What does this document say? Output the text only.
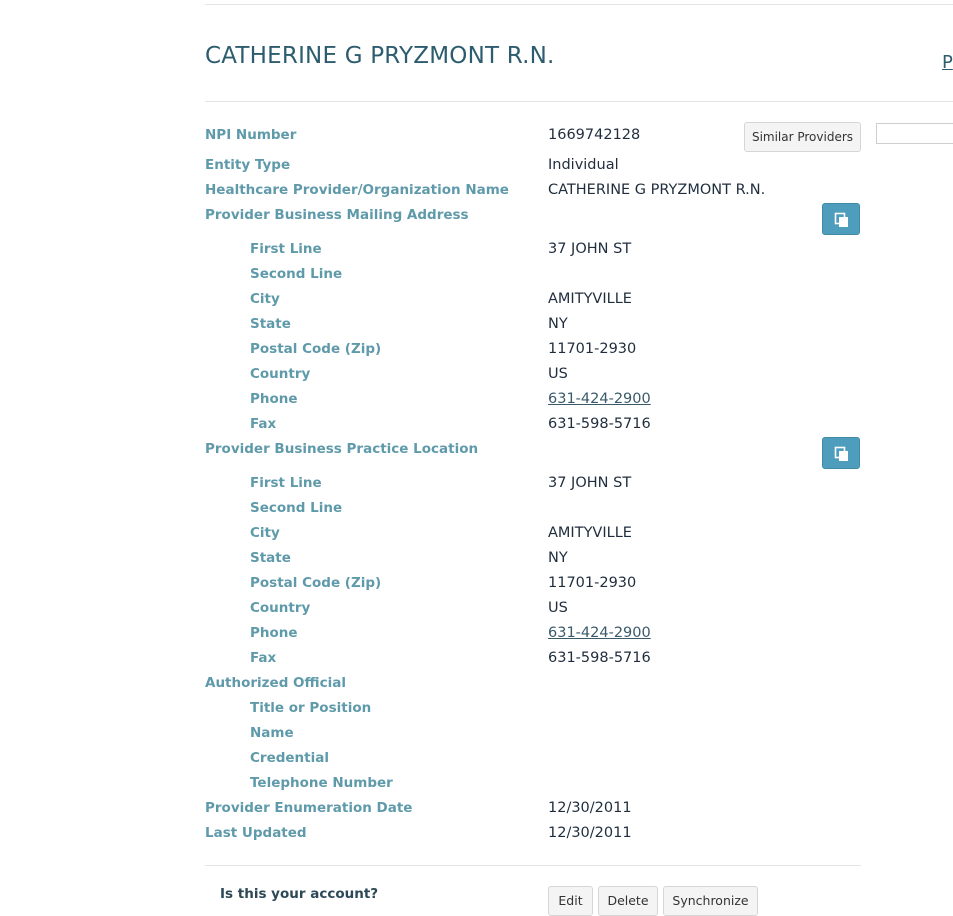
CATHERINE G PRYZMONT R.N.	P
NPI Number	1669742128
Entity Type	Individual
Healthcare Provider/Organization Name	CATHERINE G PRYZMONT R.N.
Provider Business Mailing Address
First Line	37 JOHN ST
Second Line
City	AMITYVILLE
State	NY
Postal Code (Zip)	11701-2930
Country	US
Phone	631-424-2900
Fax	631-598-5716
Provider Business Practice Location
First Line	37 JOHN ST
Second Line
City	AMITYVILLE
State	NY
Postal Code (Zip)	11701-2930
Country	US
Phone	631-424-2900
Fax	631-598-5716
Authorized Official
Title or Position
Name
Credential
Telephone Number
Provider Enumeration Date	12/30/2011
Last Updated	12/30/2011
Similar Providers
Is this your account?	Edit	Delete	Synchronize
